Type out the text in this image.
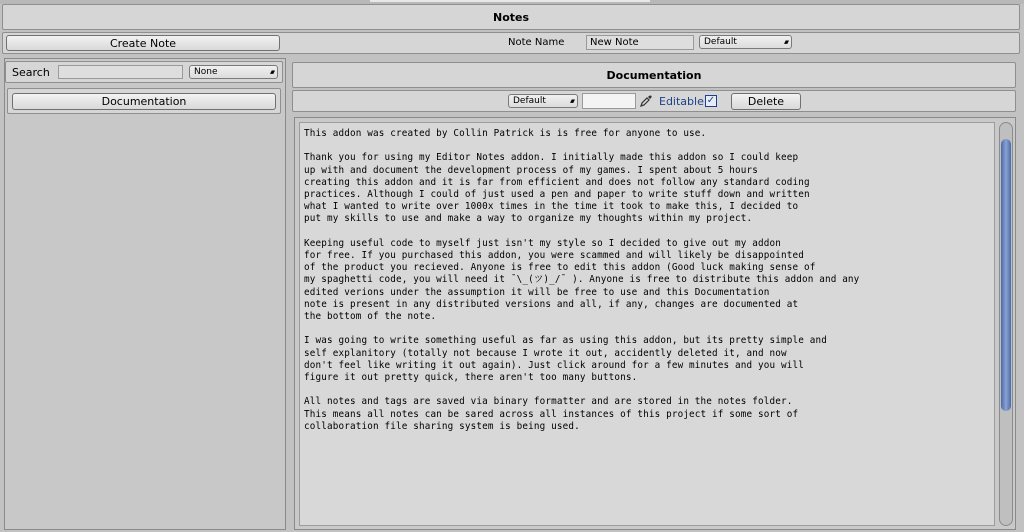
Notes
Create Note	Note Name	New Note	Default	▴▾
Search	None	▴▾
Documentation
Documentation
Default	▴▾	Editable ✓	Delete
This addon was created by Collin Patrick is is free for anyone to use.

Thank you for using my Editor Notes addon. I initially made this addon so I could keep
up with and document the development process of my games. I spent about 5 hours
creating this addon and it is far from efficient and does not follow any standard coding
practices. Although I could of just used a pen and paper to write stuff down and written
what I wanted to write over 1000x times in the time it took to make this, I decided to
put my skills to use and make a way to organize my thoughts within my project.

Keeping useful code to myself just isn't my style so I decided to give out my addon
for free. If you purchased this addon, you were scammed and will likely be disappointed
of the product you recieved. Anyone is free to edit this addon (Good luck making sense of
my spaghetti code, you will need it ¯\_(ツ)_/¯ ). Anyone is free to distribute this addon and any
edited verions under the assumption it will be free to use and this Documentation
note is present in any distributed versions and all, if any, changes are documented at
the bottom of the note.

I was going to write something useful as far as using this addon, but its pretty simple and
self explanitory (totally not because I wrote it out, accidently deleted it, and now
don't feel like writing it out again). Just click around for a few minutes and you will
figure it out pretty quick, there aren't too many buttons.

All notes and tags are saved via binary formatter and are stored in the notes folder.
This means all notes can be sared across all instances of this project if some sort of
collaboration file sharing system is being used.
